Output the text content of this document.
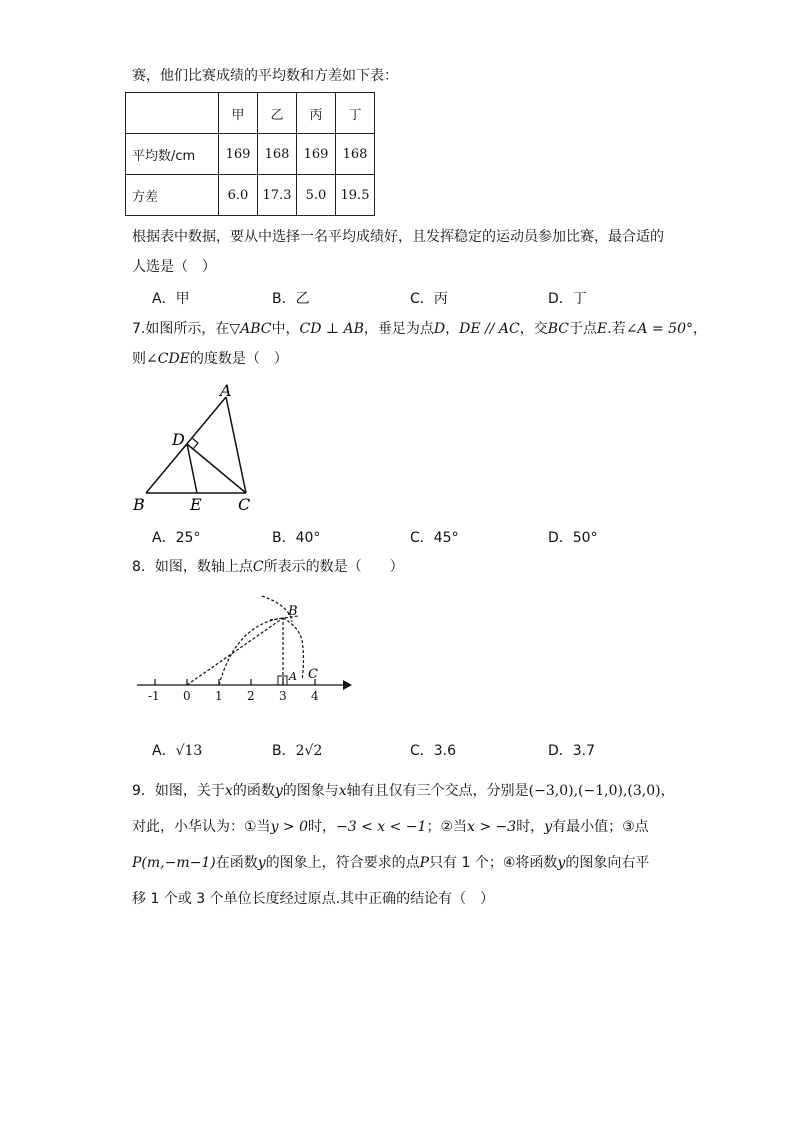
赛，他们比赛成绩的平均数和方差如下表：
	甲	乙	丙	丁
平均数/cm	169	168	169	168
方差	6.0	17.3	5.0	19.5
根据表中数据，要从中选择一名平均成绩好，且发挥稳定的运动员参加比赛，最合适的
人选是（　）
A．甲	B．乙	C．丙	D．丁
7.如图所示，在▽ABC中，CD ⊥ AB，垂足为点D，DE // AC，交BC于点E.若∠A = 50°，
则∠CDE的度数是（　）
A
D
B	E C
A．25°	B．40°	C．45°	D．50°
8．如图，数轴上点C所表示的数是（　　）
-1 0 1 2 3 4
B
A C
A．√13	B．2√2	C．3.6	D．3.7
9．如图，关于x的函数y的图象与x轴有且仅有三个交点，分别是(−3,0),(−1,0),(3,0)，
对此，小华认为：①当y > 0时，−3 < x < −1；②当x > −3时，y有最小值；③点
P(m,−m−1)在函数y的图象上，符合要求的点P只有 1 个；④将函数y的图象向右平
移 1 个或 3 个单位长度经过原点.其中正确的结论有（　）
